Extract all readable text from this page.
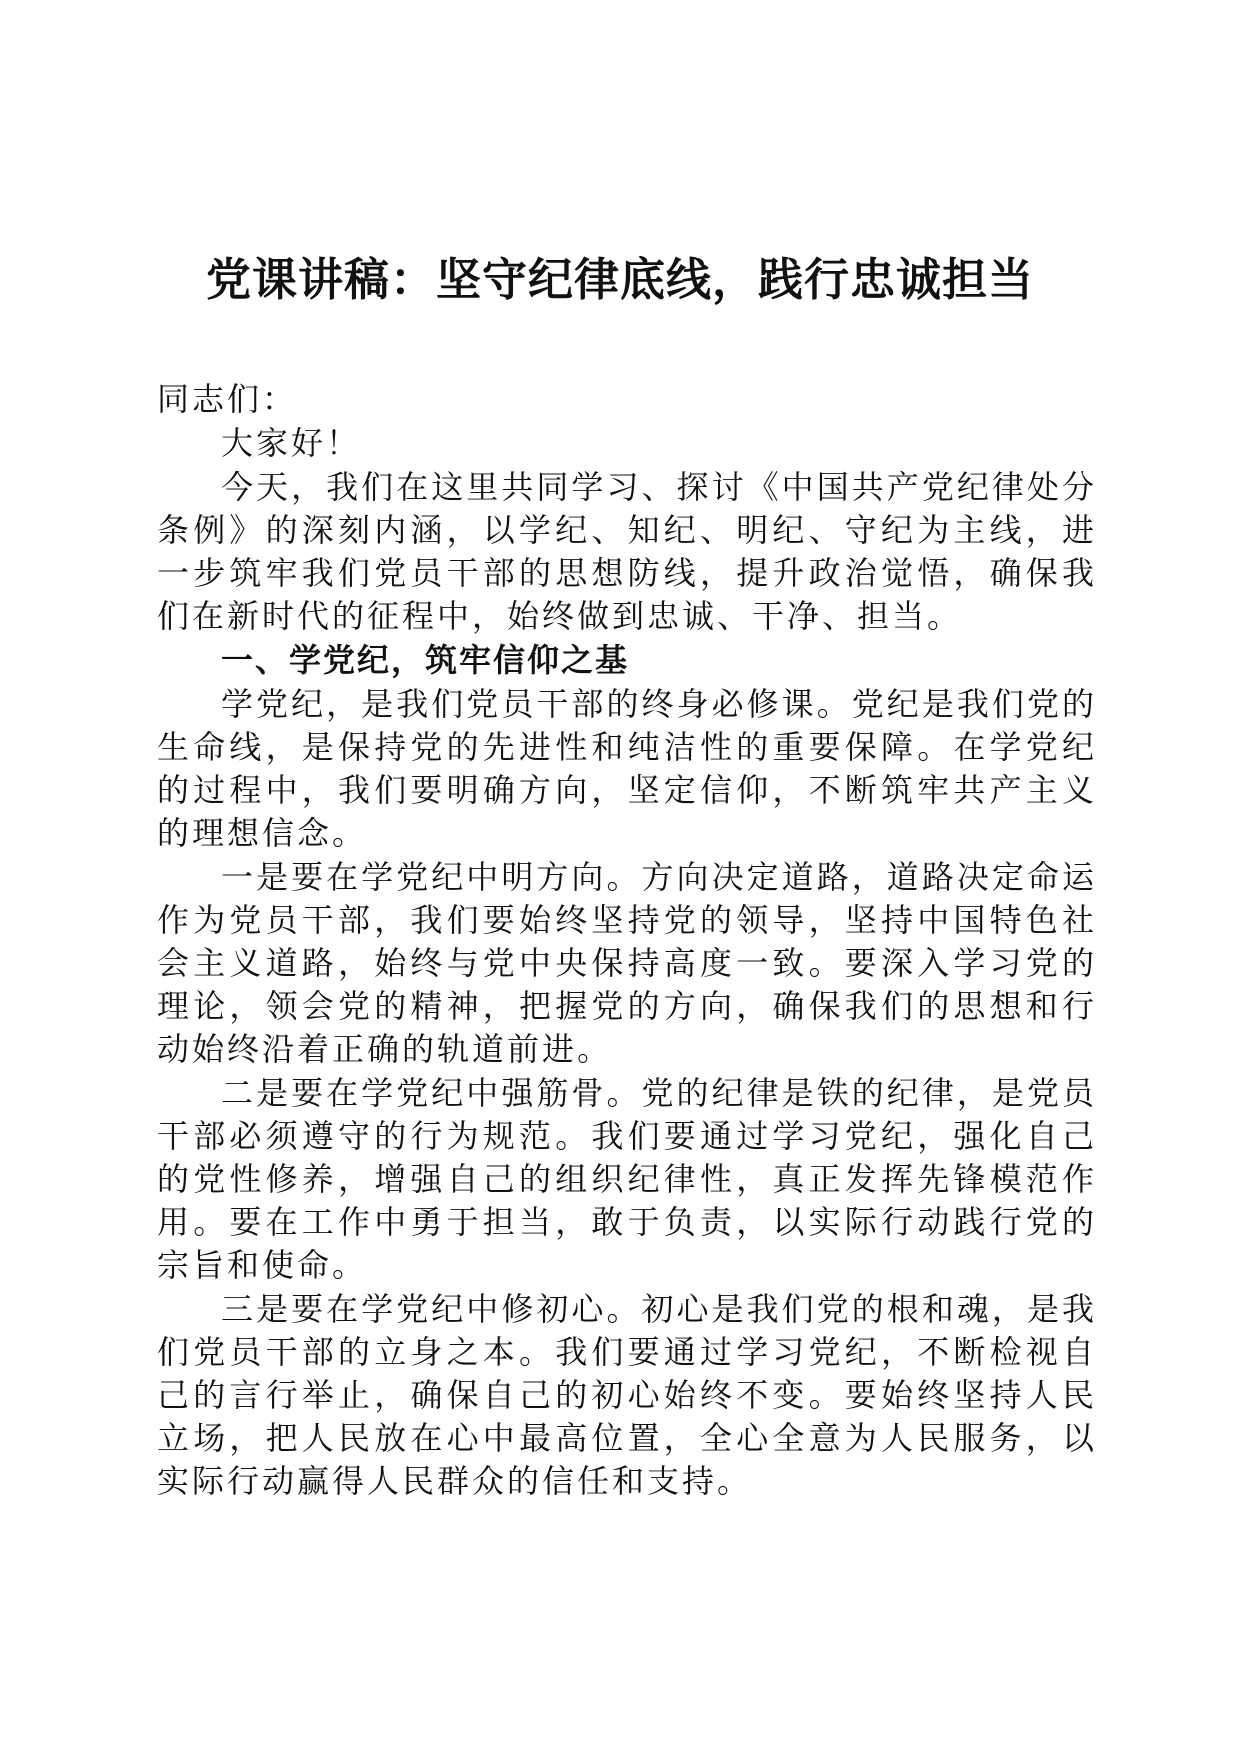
党课讲稿：坚守纪律底线，践行忠诚担当

同志们：

大家好！

今天，我们在这里共同学习、探讨《中国共产党纪律处分条例》的深刻内涵，以学纪、知纪、明纪、守纪为主线，进一步筑牢我们党员干部的思想防线，提升政治觉悟，确保我们在新时代的征程中，始终做到忠诚、干净、担当。

一、学党纪，筑牢信仰之基

学党纪，是我们党员干部的终身必修课。党纪是我们党的生命线，是保持党的先进性和纯洁性的重要保障。在学党纪的过程中，我们要明确方向，坚定信仰，不断筑牢共产主义的理想信念。

一是要在学党纪中明方向。方向决定道路，道路决定命运作为党员干部，我们要始终坚持党的领导，坚持中国特色社会主义道路，始终与党中央保持高度一致。要深入学习党的理论，领会党的精神，把握党的方向，确保我们的思想和行动始终沿着正确的轨道前进。

二是要在学党纪中强筋骨。党的纪律是铁的纪律，是党员干部必须遵守的行为规范。我们要通过学习党纪，强化自己的党性修养，增强自己的组织纪律性，真正发挥先锋模范作用。要在工作中勇于担当，敢于负责，以实际行动践行党的宗旨和使命。

三是要在学党纪中修初心。初心是我们党的根和魂，是我们党员干部的立身之本。我们要通过学习党纪，不断检视自己的言行举止，确保自己的初心始终不变。要始终坚持人民立场，把人民放在心中最高位置，全心全意为人民服务，以实际行动赢得人民群众的信任和支持。
